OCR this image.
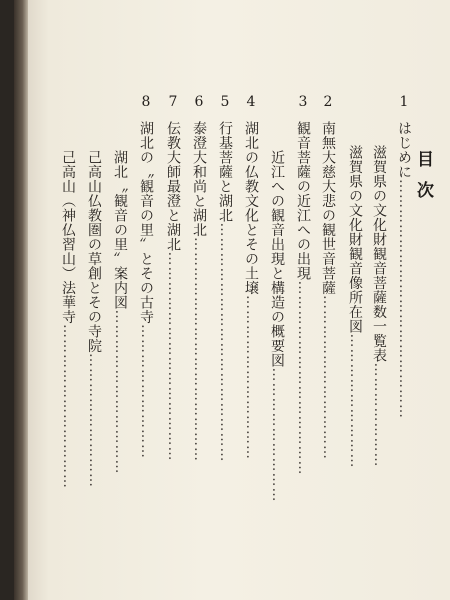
目次
1はじめに…………………………………………
滋賀県の文化財観音菩薩数一覧表…………………
滋賀県の文化財観音像所在図………………………
2南無大慈大悲の観世音菩薩……………………………
3観音菩薩の近江への出現…………………………………
近江への観音出現と構造の概要図………………………
4湖北の仏教文化とその土壌……………………………
5行基菩薩と湖北…………………………………………
6泰澄大和尚と湖北………………………………………
7伝教大師最澄と湖北……………………………………
8湖北の〝観音の里〟とその古寺………………………
湖北〝観音の里〟案内図……………………………
己高山仏教圏の草創とその寺院………………………
己高山（神仏習山）法華寺……………………………
